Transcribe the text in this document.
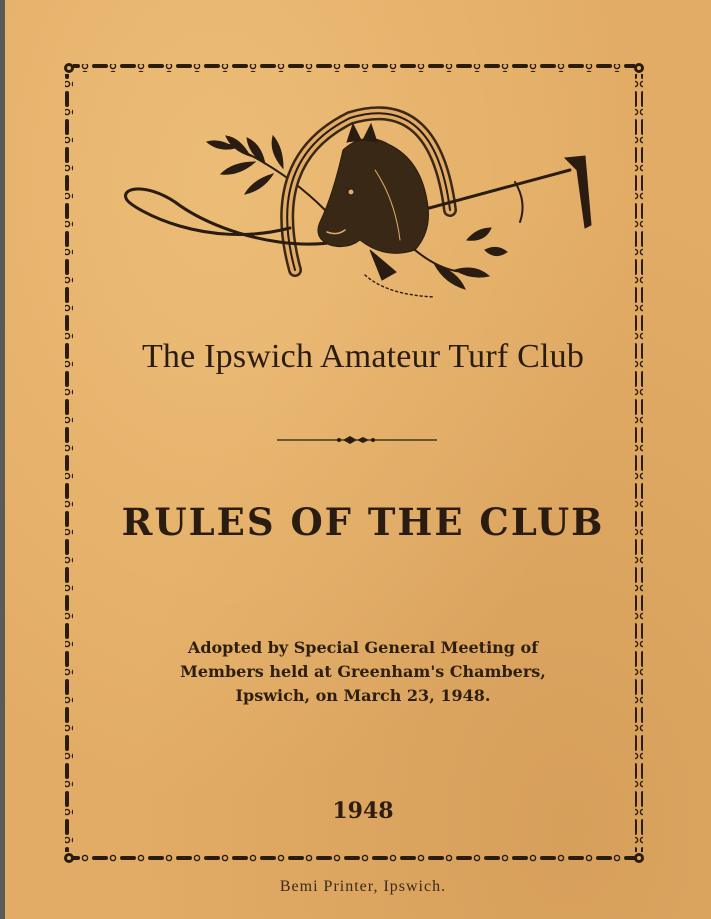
The Ipswich Amateur Turf Club
RULES OF THE CLUB
Adopted by Special General Meeting of
Members held at Greenham's Chambers,
Ipswich, on March 23, 1948.
1948
Bemi Printer, Ipswich.
